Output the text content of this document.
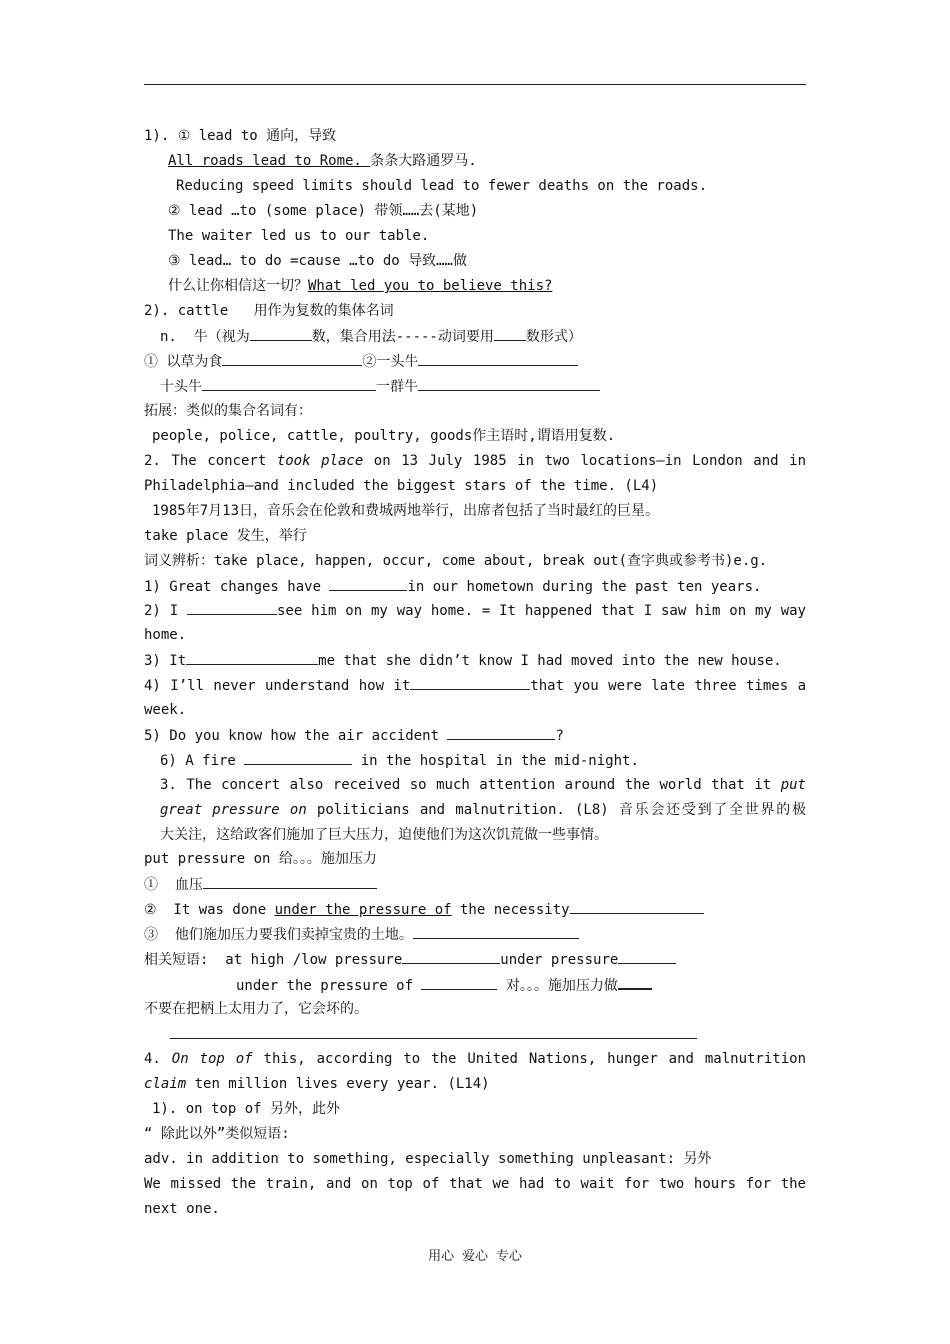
1). ① lead to 通向，导致
All roads lead to Rome. 条条大路通罗马.
Reducing speed limits should lead to fewer deaths on the roads.
② lead …to (some place) 带领……去(某地)
The waiter led us to our table.
③ lead… to do =cause …to do 导致……做
什么让你相信这一切？What led you to believe this?
2). cattle   用作为复数的集体名词
n.  牛（视为	数，集合用法-----动词要用 数形式）
① 以草为食	②一头牛
十头牛	一群牛
拓展：类似的集合名词有：
people, police, cattle, poultry, goods作主语时,谓语用复数.
2. The concert took place on 13 July 1985 in two locations—in London and in
Philadelphia—and included the biggest stars of the time. (L4)
1985年7月13日，音乐会在伦敦和费城两地举行，出席者包括了当时最红的巨星。
take place 发生，举行
词义辨析：take place, happen, occur, come about, break out(查字典或参考书)e.g.
1) Great changes have	in our hometown during the past ten years.
2) I	see him on my way home. = It happened that I saw him on my way
home.
3) It	me that she didn’t know I had moved into the new house.
4) I’ll never understand how it	that you were late three times a
week.
5) Do you know how the air accident	?
6) A fire	in the hospital in the mid-night.
3. The concert also received so much attention around the world that it put
great pressure on politicians and malnutrition. (L8) 音乐会还受到了全世界的极
大关注，这给政客们施加了巨大压力，迫使他们为这次饥荒做一些事情。
put pressure on 给。。。施加压力
①  血压
②  It was done under the pressure of the necessity
③  他们施加压力要我们卖掉宝贵的土地。
相关短语:  at high /low pressure	under pressure
under the pressure of	对。。。施加压力做
不要在把柄上太用力了，它会坏的。
4. On top of this, according to the United Nations, hunger and malnutrition
claim ten million lives every year. (L14)
1). on top of 另外，此外
“ 除此以外”类似短语:
adv. in addition to something, especially something unpleasant: 另外
We missed the train, and on top of that we had to wait for two hours for the
next one.
用心 爱心 专心
